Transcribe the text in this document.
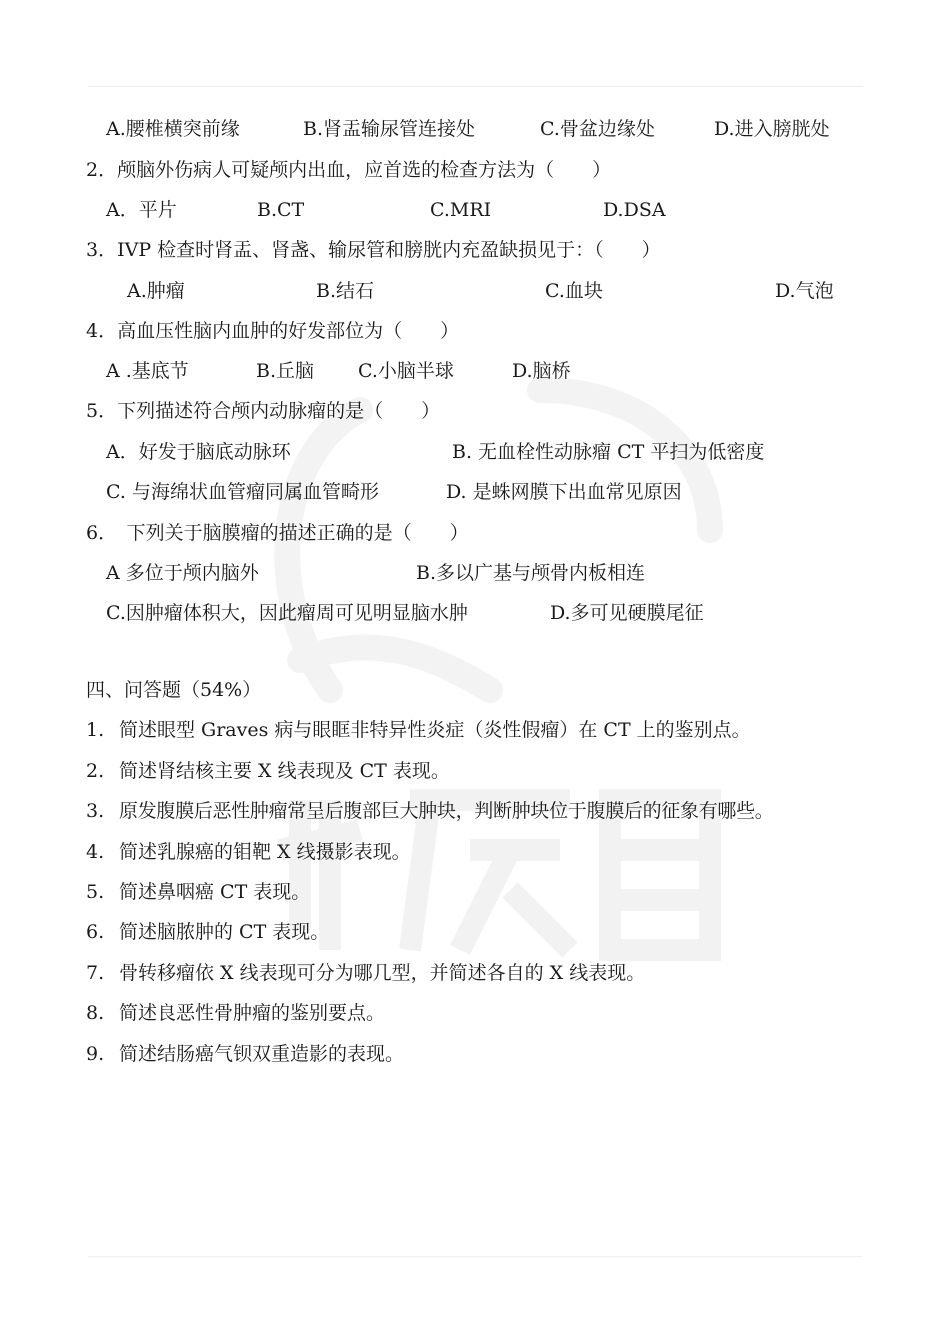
A.腰椎横突前缘	B.肾盂输尿管连接处	C.骨盆边缘处	D.进入膀胱处
2．颅脑外伤病人可疑颅内出血，应首选的检查方法为（　　）
A．平片	B.CT	C.MRI	D.DSA
3．IVP 检查时肾盂、肾盏、输尿管和膀胱内充盈缺损见于：（　　）
A.肿瘤	B.结石	C.血块	D.气泡
4．高血压性脑内血肿的好发部位为（　　）
A .基底节	B.丘脑 C.小脑半球	D.脑桥
5．下列描述符合颅内动脉瘤的是（　　）
A．好发于脑底动脉环	B. 无血栓性动脉瘤 CT 平扫为低密度
C. 与海绵状血管瘤同属血管畸形	D. 是蛛网膜下出血常见原因
6．　下列关于脑膜瘤的描述正确的是（　　）
A 多位于颅内脑外	B.多以广基与颅骨内板相连
C.因肿瘤体积大，因此瘤周可见明显脑水肿	D.多可见硬膜尾征
四、问答题（54%）
1. 简述眼型 Graves 病与眼眶非特异性炎症（炎性假瘤）在 CT 上的鉴别点。
2. 简述肾结核主要 X 线表现及 CT 表现。
3. 原发腹膜后恶性肿瘤常呈后腹部巨大肿块，判断肿块位于腹膜后的征象有哪些。
4. 简述乳腺癌的钼靶 X 线摄影表现。
5. 简述鼻咽癌 CT 表现。
6. 简述脑脓肿的 CT 表现。
7. 骨转移瘤依 X 线表现可分为哪几型，并简述各自的 X 线表现。
8. 简述良恶性骨肿瘤的鉴别要点。
9. 简述结肠癌气钡双重造影的表现。
